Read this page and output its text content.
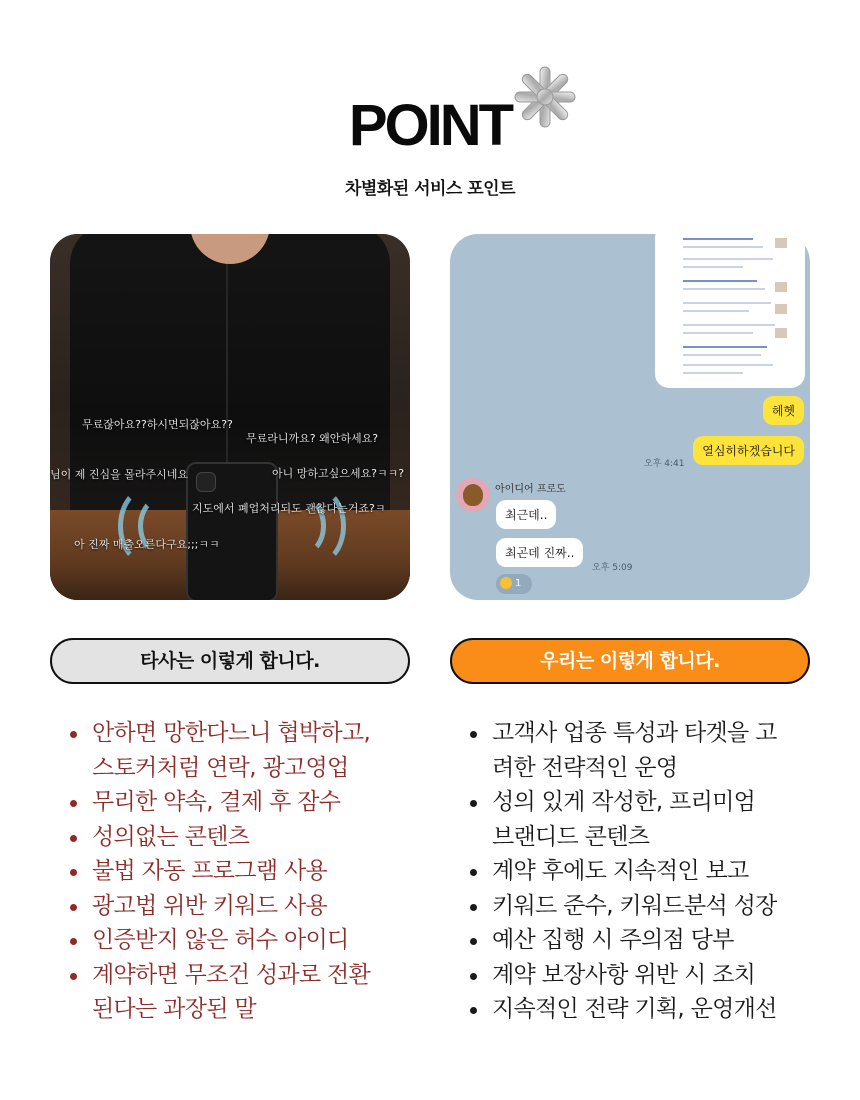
POINT
차별화된 서비스 포인트
무료잖아요??하시면되잖아요??
무료라니까요? 왜안하세요?
님이 제 진심을 몰라주시네요	아니 망하고싶으세요?ㅋㅋ?
지도에서 폐업처리되도 괜찮다는거죠?ㅋ
아 진짜 매출오른다구요;;;ㅋㅋ
헤헷
열심히하겠습니다
오후 4:41
아이디어 프로도
최근데..
최곤데 진짜..
오후 5:09
1
타사는 이렇게 합니다.	우리는 이렇게 합니다.
안하면 망한다느니 협박하고,
스토커처럼 연락, 광고영업
무리한 약속, 결제 후 잠수
성의없는 콘텐츠
불법 자동 프로그램 사용
광고법 위반 키워드 사용
인증받지 않은 허수 아이디
계약하면 무조건 성과로 전환
된다는 과장된 말
고객사 업종 특성과 타겟을 고
려한 전략적인 운영
성의 있게 작성한, 프리미엄
브랜디드 콘텐츠
계약 후에도 지속적인 보고
키워드 준수, 키워드분석 성장
예산 집행 시 주의점 당부
계약 보장사항 위반 시 조치
지속적인 전략 기획, 운영개선
